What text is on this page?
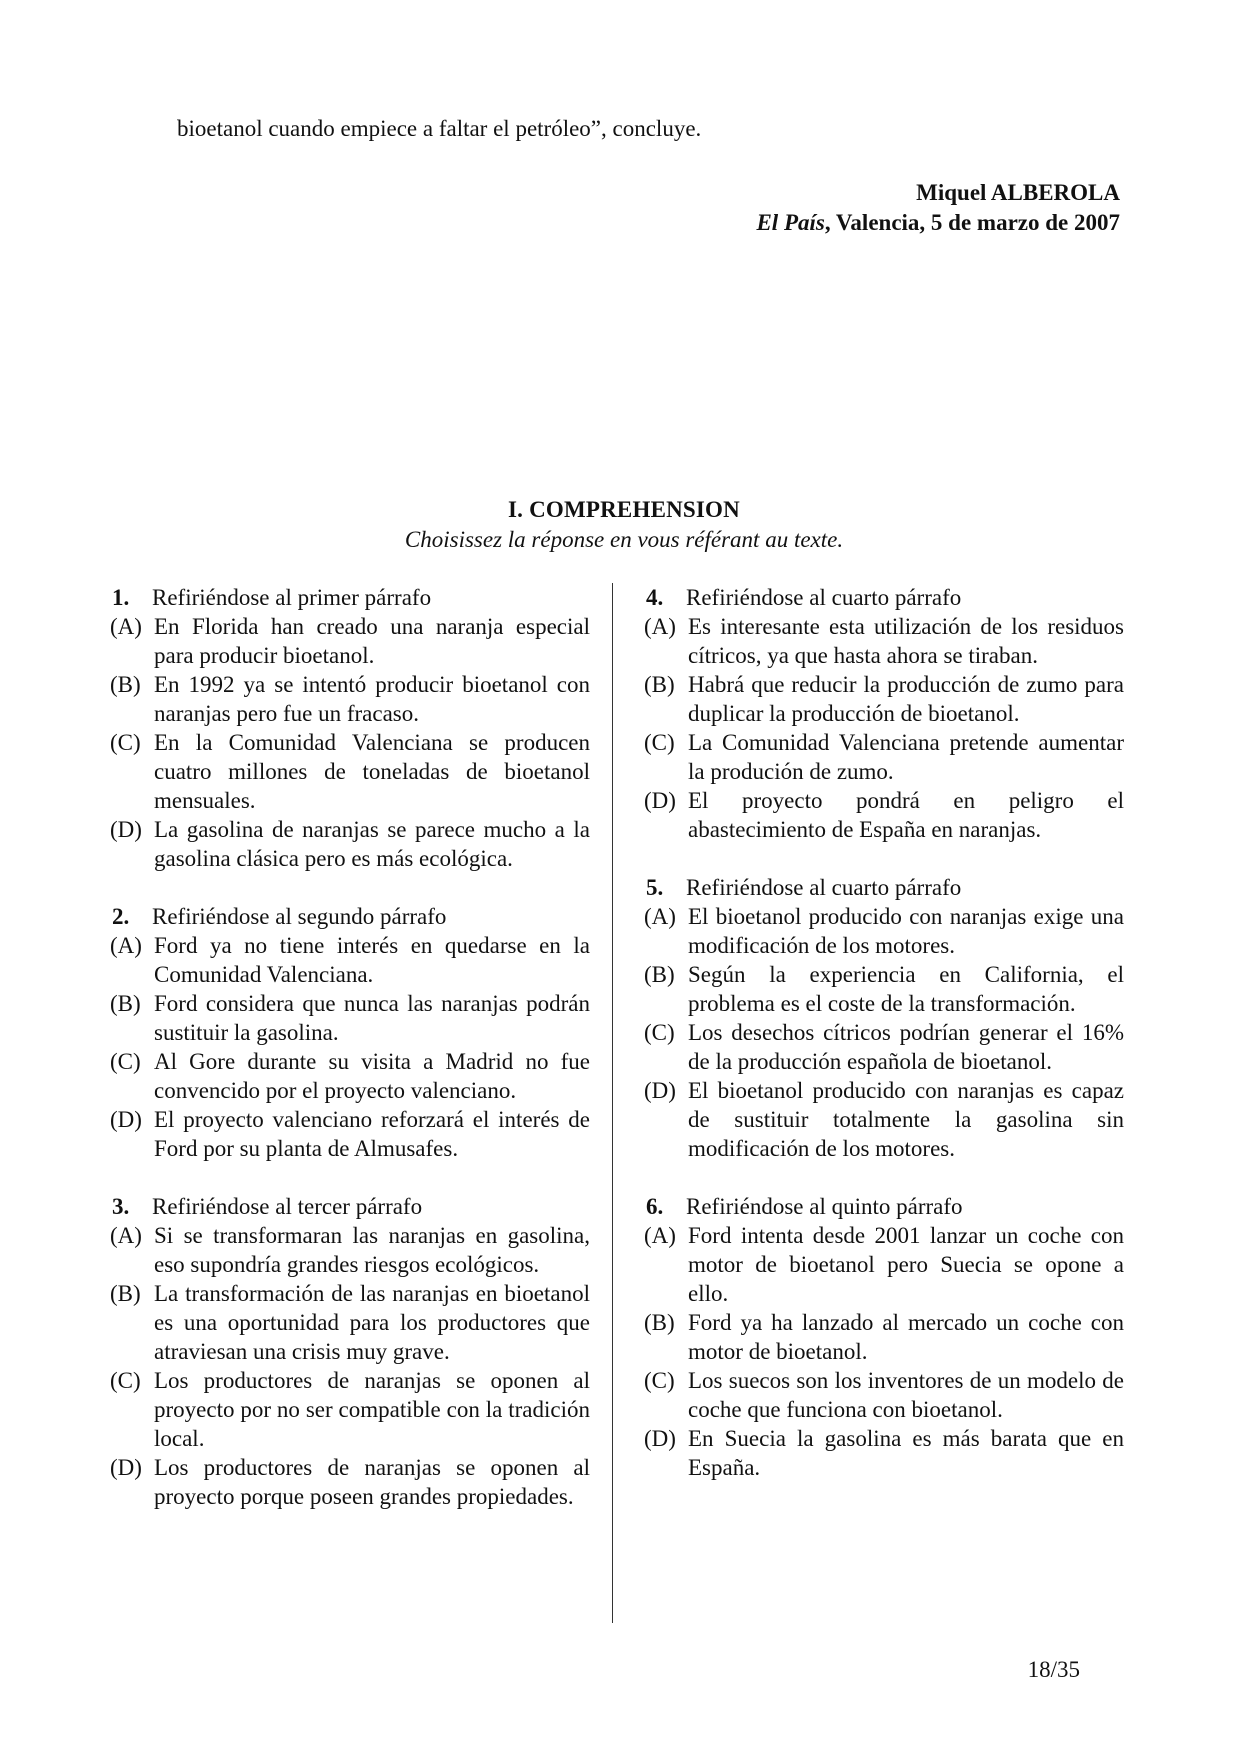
bioetanol cuando empiece a faltar el petróleo”, concluye.
Miquel ALBEROLA
El País, Valencia, 5 de marzo de 2007
I. COMPREHENSION
Choisissez la réponse en vous référant au texte.
1. Refiriéndose al primer párrafo
(A) En Florida han creado una naranja especial para producir bioetanol.
(B) En 1992 ya se intentó producir bioetanol con naranjas pero fue un fracaso.
(C) En la Comunidad Valenciana se producen cuatro millones de toneladas de bioetanol mensuales.
(D) La gasolina de naranjas se parece mucho a la gasolina clásica pero es más ecológica.
2. Refiriéndose al segundo párrafo
(A) Ford ya no tiene interés en quedarse en la Comunidad Valenciana.
(B) Ford considera que nunca las naranjas podrán sustituir la gasolina.
(C) Al Gore durante su visita a Madrid no fue convencido por el proyecto valenciano.
(D) El proyecto valenciano reforzará el interés de Ford por su planta de Almusafes.
3. Refiriéndose al tercer párrafo
(A) Si se transformaran las naranjas en gasolina, eso supondría grandes riesgos ecológicos.
(B) La transformación de las naranjas en bioetanol es una oportunidad para los productores que atraviesan una crisis muy grave.
(C) Los productores de naranjas se oponen al proyecto por no ser compatible con la tradición local.
(D) Los productores de naranjas se oponen al proyecto porque poseen grandes propiedades.
4. Refiriéndose al cuarto párrafo
(A) Es interesante esta utilización de los residuos cítricos, ya que hasta ahora se tiraban.
(B) Habrá que reducir la producción de zumo para duplicar la producción de bioetanol.
(C) La Comunidad Valenciana pretende aumentar la produción de zumo.
(D) El proyecto pondrá en peligro el abastecimiento de España en naranjas.
5. Refiriéndose al cuarto párrafo
(A) El bioetanol producido con naranjas exige una modificación de los motores.
(B) Según la experiencia en California, el problema es el coste de la transformación.
(C) Los desechos cítricos podrían generar el 16% de la producción española de bioetanol.
(D) El bioetanol producido con naranjas es capaz de sustituir totalmente la gasolina sin modificación de los motores.
6. Refiriéndose al quinto párrafo
(A) Ford intenta desde 2001 lanzar un coche con motor de bioetanol pero Suecia se opone a ello.
(B) Ford ya ha lanzado al mercado un coche con motor de bioetanol.
(C) Los suecos son los inventores de un modelo de coche que funciona con bioetanol.
(D) En Suecia la gasolina es más barata que en España.
18/35
